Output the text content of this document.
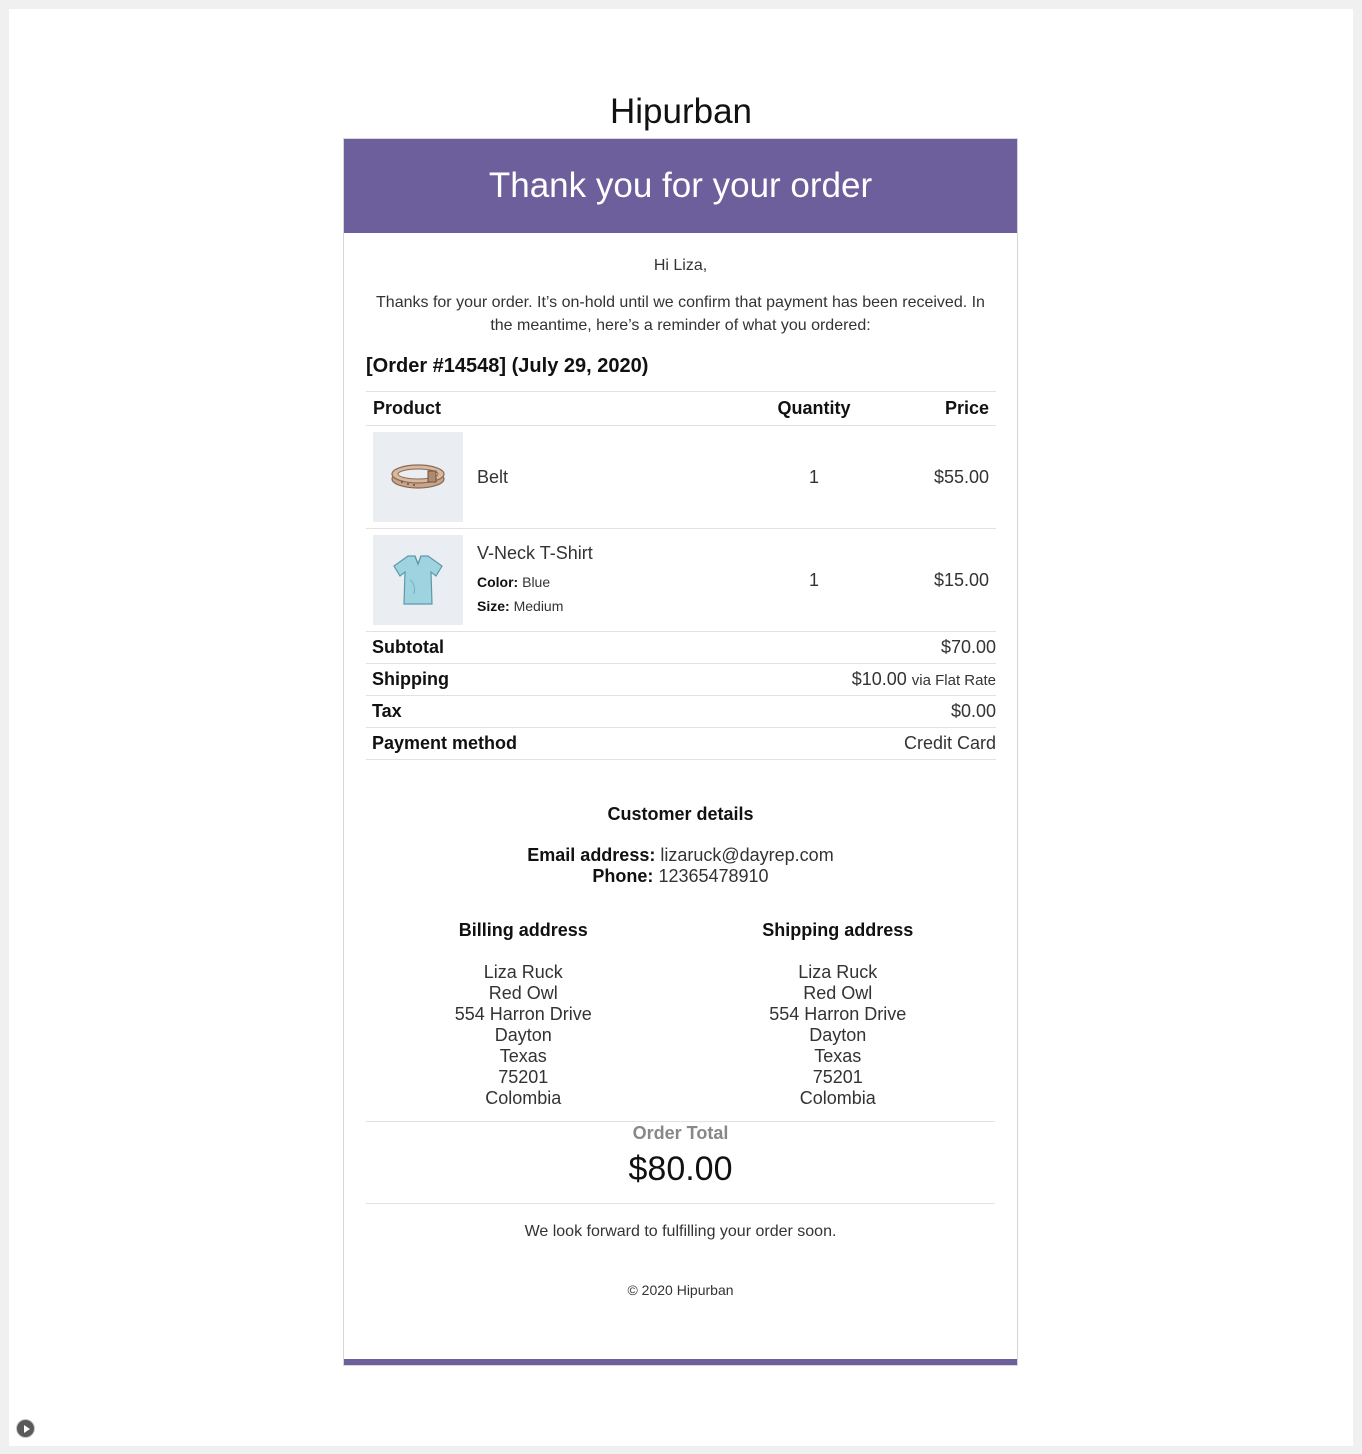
Hipurban
Thank you for your order
Hi Liza,
Thanks for your order. It’s on-hold until we confirm that payment has been received. In the meantime, here’s a reminder of what you ordered:
[Order #14548] (July 29, 2020)
Product	Quantity	Price

Belt	1	$55.00

V-Neck T-Shirt
Color: Blue
Size: Medium	1	$15.00
Subtotal	$70.00
Shipping	$10.00 via Flat Rate
Tax	$0.00
Payment method	Credit Card
Customer details
Email address: lizaruck@dayrep.com
Phone: 12365478910
Billing address
Liza Ruck
Red Owl
554 Harron Drive
Dayton
Texas
75201
Colombia
Shipping address
Liza Ruck
Red Owl
554 Harron Drive
Dayton
Texas
75201
Colombia
Order Total
$80.00
We look forward to fulfilling your order soon.
© 2020 Hipurban
